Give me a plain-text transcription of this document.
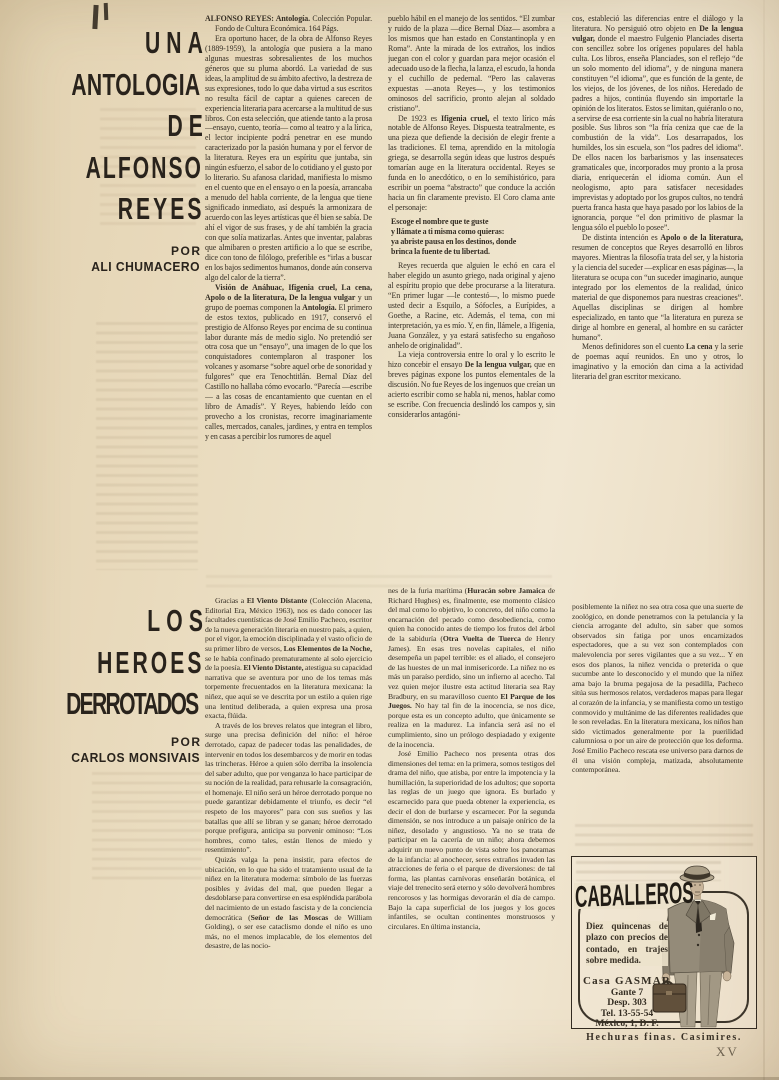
UNA
ANTOLOGIA
DE
ALFONSO
REYES
POR
ALI CHUMACERO

ALFONSO REYES: Antología. Colección Popular. Fondo de Cultura Económica. 164 Págs.

Era oportuno hacer, de la obra de Alfonso Reyes (1889-1959), la antología que pusiera a la mano algunas muestras sobresalientes de los muchos géneros que su pluma abordó. La variedad de sus ideas, la amplitud de su ámbito afectivo, la destreza de sus expresiones, todo lo que daba virtud a sus escritos no resulta fácil de captar a quienes carecen de experiencia literaria para acercarse a la multitud de sus libros. Con esta selección, que atiende tanto a la prosa —ensayo, cuento, teoría— como al teatro y a la lírica, el lector incipiente podrá penetrar en ese mundo caracterizado por la pasión humana y por el fervor de la literatura. Reyes era un espíritu que juntaba, sin ningún esfuerzo, el sabor de lo cotidiano y el gusto por lo literario. Su afanosa claridad, manifiesta lo mismo en el cuento que en el ensayo o en la poesía, arrancaba a menudo del habla corriente, de la lengua que tiene significado inmediato, así después la armonizara de acuerdo con las leyes artísticas que él bien se sabía. De ahí el vigor de sus frases, y de ahí también la gracia con que solía matizarlas. Antes que inventar, palabras que almibaren o presten artificio a lo que se escribe, dice con tono de filólogo, preferible es “irlas a buscar en los bajos sedimentos humanos, donde aún conserva algo del calor de la tierra”.

Visión de Anáhuac, Ifigenia cruel, La cena, Apolo o de la literatura, De la lengua vulgar y un grupo de poemas componen la Antología. El primero de estos textos, publicado en 1917, conservó el prestigio de Alfonso Reyes por encima de su continua labor durante más de medio siglo. No pretendió ser otra cosa que un “ensayo”, una imagen de lo que los conquistadores contemplaron al trasponer los volcanes y asomarse “sobre aquel orbe de sonoridad y fulgores” que era Tenochtitlán. Bernal Díaz del Castillo no hallaba cómo evocarlo. “Parecía —escribe— a las cosas de encantamiento que cuentan en el libro de Amadís”. Y Reyes, habiendo leído con provecho a los cronistas, recorre imaginariamente calles, mercados, canales, jardines, y entra en templos y en casas a percibir los rumores de aquel

pueblo hábil en el manejo de los sentidos. “El zumbar y ruido de la plaza —dice Bernal Díaz— asombra a los mismos que han estado en Constantinopla y en Roma”. Ante la mirada de los extraños, los indios juegan con el color y guardan para mejor ocasión el adecuado uso de la flecha, la lanza, el escudo, la honda y el cuchillo de pedernal. “Pero las calaveras expuestas —anota Reyes—, y los testimonios ominosos del sacrificio, pronto alejan al soldado cristiano”.

De 1923 es Ifigenia cruel, el texto lírico más notable de Alfonso Reyes. Dispuesta teatralmente, es una pieza que defiende la decisión de elegir frente a las tradiciones. El tema, aprendido en la mitología griega, se desarrolla según ideas que lustros después tomarían auge en la literatura occidental. Reyes se funda en lo anecdótico, o en lo semihistórico, para escribir un poema “abstracto” que conduce la acción hacia un fin claramente previsto. El Coro clama ante el personaje:

Escoge el nombre que te guste
y llámate a ti misma como quieras:
ya abriste pausa en los destinos, donde
brinca la fuente de tu libertad.

Reyes recuerda que alguien le echó en cara el haber elegido un asunto griego, nada original y ajeno al espíritu propio que debe procurarse a la literatura. “En primer lugar —le contestó—, lo mismo puede usted decir a Esquilo, a Sófocles, a Eurípides, a Goethe, a Racine, etc. Además, el tema, con mi interpretación, ya es mío. Y, en fin, llámele, a Ifigenia, Juana González, y ya estará satisfecho su engañoso anhelo de originalidad”.

La vieja controversia entre lo oral y lo escrito le hizo concebir el ensayo De la lengua vulgar, que en breves páginas expone los puntos elementales de la discusión. No fue Reyes de los ingenuos que creían un acierto escribir como se habla ni, menos, hablar como se escribe. Con frecuencia deslindó los campos y, sin considerarlos antagóni-

cos, estableció las diferencias entre el diálogo y la literatura. No persiguió otro objeto en De la lengua vulgar, donde el maestro Fulgenio Planciades diserta con sencillez sobre los orígenes populares del habla culta. Los libros, enseña Planciades, son el reflejo “de un solo momento del idioma”, y de ninguna manera constituyen “el idioma”, que es función de la gente, de los viejos, de los jóvenes, de los niños. Heredado de padres a hijos, continúa fluyendo sin importarle la opinión de los literatos. Estos se limitan, quiéranlo o no, a servirse de esa corriente sin la cual no habría literatura posible. Sus libros son “la fría ceniza que cae de la combustión de la vida”. Los desarrapados, los humildes, los sin escuela, son “los padres del idioma”. De ellos nacen los barbarismos y las insensateces gramaticales que, incorporados muy pronto a la prosa diaria, enriquecerán el idioma común. Aun el neologismo, apto para satisfacer necesidades imprevistas y adoptado por los grupos cultos, no tendrá puerta franca hasta que haya pasado por los labios de la ignorancia, porque “el don primitivo de plasmar la lengua sólo el pueblo lo posee”.

De distinta intención es Apolo o de la literatura, resumen de conceptos que Reyes desarrolló en libros mayores. Mientras la filosofía trata del ser, y la historia y la ciencia del suceder —explicar en esas páginas—, la literatura se ocupa con “un suceder imaginario, aunque integrado por los elementos de la realidad, único material de que disponemos para nuestras creaciones”. Aquellas disciplinas se dirigen al hombre especializado, en tanto que “la literatura en pureza se dirige al hombre en general, al hombre en su carácter humano”.

Menos definidores son el cuento La cena y la serie de poemas aquí reunidos. En uno y otros, lo imaginativo y la emoción dan cima a la actividad literaria del gran escritor mexicano.

LOS
HEROES
DERROTADOS
POR
CARLOS MONSIVAIS

Gracias a El Viento Distante (Colección Alacena, Editorial Era, México 1963), nos es dado conocer las facultades cuentísticas de José Emilio Pacheco, escritor de la nueva generación literaria en nuestro país, a quien, por el vigor, la emoción disciplinada y el vasto oficio de su primer libro de versos, Los Elementos de la Noche, se le había confinado prematuramente al solo ejercicio de la poesía. El Viento Distante, atestigua su capacidad narrativa que se aventura por uno de los temas más torpemente frecuentados en la literatura mexicana: la niñez, que aquí se ve descrita por un estilo a quien rige una lentitud deliberada, a quien expresa una prosa exacta, flúida.

A través de los breves relatos que integran el libro, surge una precisa definición del niño: el héroe derrotado, capaz de padecer todas las penalidades, de intervenir en todos los desembarcos y de morir en todas las trincheras. Héroe a quien sólo derriba la insolencia del saber adulto, que por venganza lo hace participar de su noción de la realidad, para rehusarle la consagración, el homenaje. El niño será un héroe derrotado porque no puede garantizar debidamente el triunfo, es decir “el respeto de los mayores” para con sus sueños y las batallas que allí se libran y se ganan; héroe derrotado porque prefigura, anticipa su porvenir ominoso: “Los hombres, como tales, están llenos de miedo y resentimiento”.

Quizás valga la pena insistir, para efectos de ubicación, en lo que ha sido el tratamiento usual de la niñez en la literatura moderna: símbolo de las fuerzas posibles y ávidas del mal, que pueden llegar a desdoblarse para convertirse en esa espléndida parábola del nacimiento de un estado fascista y de la conciencia democrática (Señor de las Moscas de William Golding), o ser ese cataclismo donde el niño es uno más, no el menos implacable, de los elementos del desastre, de las nocio-

nes de la furia marítima (Huracán sobre Jamaica de Richard Hughes) es, finalmente, ese momento clásico del mal como lo objetivo, lo concreto, del niño como la encarnación del pecado como desobediencia, como quien ha conocido antes de tiempo los frutos del árbol de la sabiduría (Otra Vuelta de Tuerca de Henry James). En esas tres novelas capitales, el niño desempeña un papel terrible: es el aliado, el consejero de las huestes de un mal inmisericorde. La niñez no es más un paraíso perdido, sino un infierno al acecho. Tal vez quien mejor ilustre esta actitud literaria sea Ray Bradbury, en su maravilloso cuento El Parque de los Juegos. No hay tal fin de la inocencia, se nos dice, porque esta es un concepto adulto, que únicamente se realiza en la madurez. La infancia será así no el cumplimiento, sino un prólogo despiadado y exigente de la inocencia.

José Emilio Pacheco nos presenta otras dos dimensiones del tema: en la primera, somos testigos del drama del niño, que atisba, por entre la impotencia y la humillación, la superioridad de los adultos; que soporta las reglas de un juego que ignora. Es burlado y escarnecido para que pueda obtener la experiencia, es decir el don de burlarse y escarnecer. Por la segunda dimensión, se nos introduce a un paisaje onírico de la niñez, desolado y angustioso. Ya no se trata de participar en la cacería de un niño; ahora debemos adquirir un nuevo punto de vista sobre los panoramas de la infancia: al anochecer, seres extraños invaden las atracciones de feria o el parque de diversiones: de tal forma, las plantas carnívoras enseñarán botánica, el viaje del trenecito será eterno y sólo devolverá hombres rencorosos y las hormigas devorarán el día de campo. Bajo la capa superficial de los juegos y los goces infantiles, se ocultan continentes monstruosos y circulares. En última instancia,

posiblemente la niñez no sea otra cosa que una suerte de zoológico, en donde penetramos con la petulancia y la ciencia arrogante del adulto, sin saber que somos observados sin fatiga por unos encarnizados espectadores, que a su vez son contemplados con malevolencia por seres vigilantes que a su vez... Y en esos dos planos, la niñez vencida o preterida o que sucumbe ante lo desconocido y el mundo que la niñez ama bajo la bruma pegajosa de la pesadilla, Pacheco sitúa sus hermosos relatos, verdaderos mapas para llegar al corazón de la infancia, y se manifiesta como un testigo conmovido y multánime de las diferentes realidades que le son reveladas. En la literatura mexicana, los niños han sido victimados generalmente por la puerilidad calumniosa o por un aire de protección que los deforma. José Emilio Pacheco rescata ese universo para darnos de él una visión compleja, matizada, absolutamente contemporánea.

CABALLEROS
Diez quincenas de plazo con precios de contado, en trajes sobre medida.
Casa GASMAR
Gante 7
Desp. 303
Tel. 13-55-54
México, 1, D. F.
Hechuras finas. Casimires.
XV
